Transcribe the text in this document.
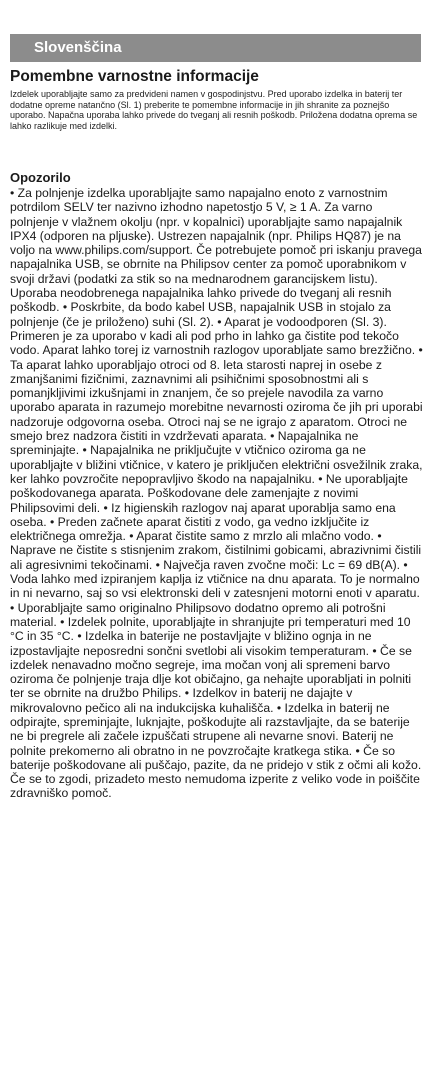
Slovenščina
Pomembne varnostne informacije

Izdelek uporabljajte samo za predvideni namen v gospodinjstvu. Pred uporabo izdelka in baterij ter dodatne opreme natančno (Sl. 1) preberite te pomembne informacije in jih shranite za poznejšo uporabo. Napačna uporaba lahko privede do tveganj ali resnih poškodb. Priložena dodatna oprema se lahko razlikuje med izdelki.

Opozorilo

• Za polnjenje izdelka uporabljajte samo napajalno enoto z varnostnim potrdilom SELV ter nazivno izhodno napetostjo 5 V, ≥ 1 A. Za varno polnjenje v vlažnem okolju (npr. v kopalnici) uporabljajte samo napajalnik IPX4 (odporen na pljuske). Ustrezen napajalnik (npr. Philips HQ87) je na voljo na www.philips.com/support. Če potrebujete pomoč pri iskanju pravega napajalnika USB, se obrnite na Philipsov center za pomoč uporabnikom v svoji državi (podatki za stik so na mednarodnem garancijskem listu). Uporaba neodobrenega napajalnika lahko privede do tveganj ali resnih poškodb. • Poskrbite, da bodo kabel USB, napajalnik USB in stojalo za polnjenje (če je priloženo) suhi (Sl. 2). • Aparat je vodoodporen (Sl. 3). Primeren je za uporabo v kadi ali pod prho in lahko ga čistite pod tekočo vodo. Aparat lahko torej iz varnostnih razlogov uporabljate samo brezžično. • Ta aparat lahko uporabljajo otroci od 8. leta starosti naprej in osebe z zmanjšanimi fizičnimi, zaznavnimi ali psihičnimi sposobnostmi ali s pomanjkljivimi izkušnjami in znanjem, če so prejele navodila za varno uporabo aparata in razumejo morebitne nevarnosti oziroma če jih pri uporabi nadzoruje odgovorna oseba. Otroci naj se ne igrajo z aparatom. Otroci ne smejo brez nadzora čistiti in vzdrževati aparata. • Napajalnika ne spreminjajte. • Napajalnika ne priključujte v vtičnico oziroma ga ne uporabljajte v bližini vtičnice, v katero je priključen električni osvežilnik zraka, ker lahko povzročite nepopravljivo škodo na napajalniku. • Ne uporabljajte poškodovanega aparata. Poškodovane dele zamenjajte z novimi Philipsovimi deli. • Iz higienskih razlogov naj aparat uporablja samo ena oseba. • Preden začnete aparat čistiti z vodo, ga vedno izključite iz električnega omrežja. • Aparat čistite samo z mrzlo ali mlačno vodo. • Naprave ne čistite s stisnjenim zrakom, čistilnimi gobicami, abrazivnimi čistili ali agresivnimi tekočinami. • Največja raven zvočne moči: Lc = 69 dB(A). • Voda lahko med izpiranjem kaplja iz vtičnice na dnu aparata. To je normalno in ni nevarno, saj so vsi elektronski deli v zatesnjeni motorni enoti v aparatu. • Uporabljajte samo originalno Philipsovo dodatno opremo ali potrošni material. • Izdelek polnite, uporabljajte in shranjujte pri temperaturi med 10 °C in 35 °C. • Izdelka in baterije ne postavljajte v bližino ognja in ne izpostavljajte neposredni sončni svetlobi ali visokim temperaturam. • Če se izdelek nenavadno močno segreje, ima močan vonj ali spremeni barvo oziroma če polnjenje traja dlje kot običajno, ga nehajte uporabljati in polniti ter se obrnite na družbo Philips. • Izdelkov in baterij ne dajajte v mikrovalovno pečico ali na indukcijska kuhališča. • Izdelka in baterij ne odpirajte, spreminjajte, luknjajte, poškodujte ali razstavljajte, da se baterije ne bi pregrele ali začele izpuščati strupene ali nevarne snovi. Baterij ne polnite prekomerno ali obratno in ne povzročajte kratkega stika. • Če so baterije poškodovane ali puščajo, pazite, da ne pridejo v stik z očmi ali kožo. Če se to zgodi, prizadeto mesto nemudoma izperite z veliko vode in poiščite zdravniško pomoč.
